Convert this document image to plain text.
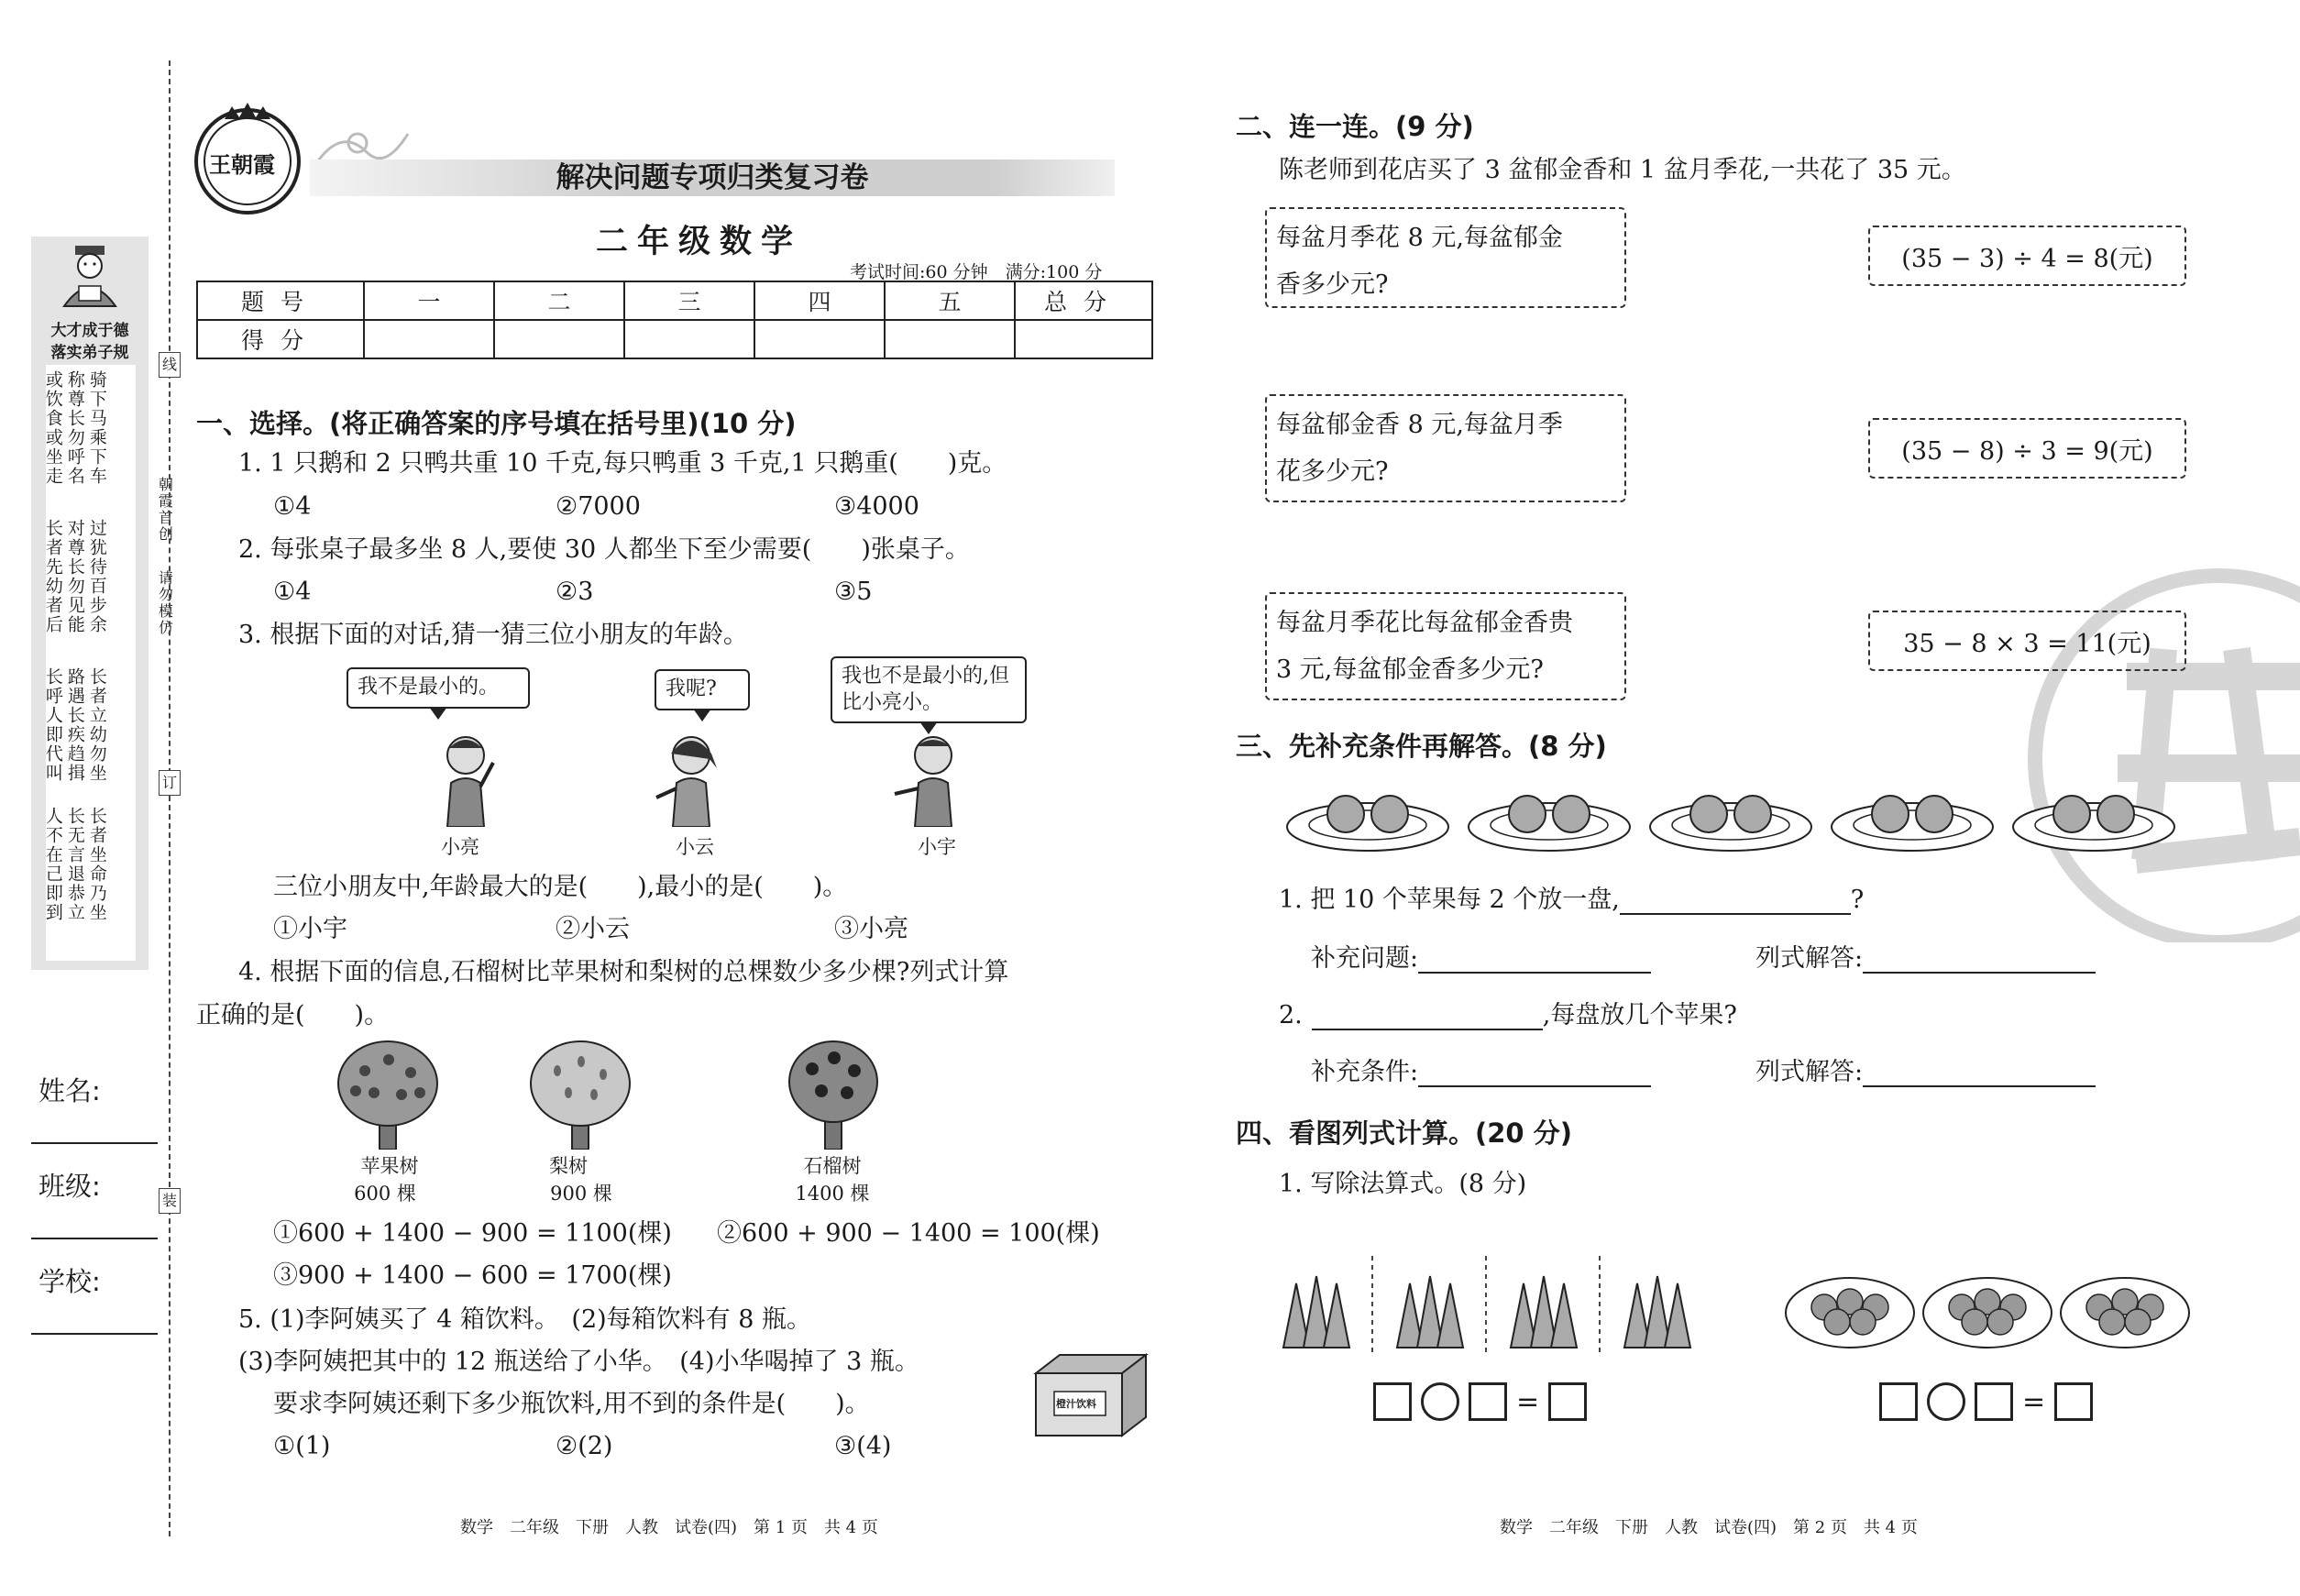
大才成于德
落实弟子规
骑下马乘下车
称尊长勿呼名
或饮食或坐走
过犹待百步余
对尊长勿见能
长者先幼者后
长者立幼勿坐
路遇长疾趋揖
长呼人即代叫
长者坐命乃坐
长无言退恭立
人不在己即到
朝霞首创
请勿模仿
线
订
装
姓名:
班级:
学校:
王朝霞	解决问题专项归类复习卷
二年级数学
考试时间:60 分钟　满分:100 分
题号	一	二	三	四	五	总分
得分						
一、选择。(将正确答案的序号填在括号里)(10 分)
1. 1 只鹅和 2 只鸭共重 10 千克,每只鸭重 3 千克,1 只鹅重(　　)克。
①4	②7000	③4000
2. 每张桌子最多坐 8 人,要使 30 人都坐下至少需要(　　)张桌子。
①4	②3	③5
3. 根据下面的对话,猜一猜三位小朋友的年龄。
我不是最小的。	我呢?
我也不是最小的,但比小亮小。
小亮	小云	小宇
三位小朋友中,年龄最大的是(　　),最小的是(　　)。
①小宇	②小云	③小亮
4. 根据下面的信息,石榴树比苹果树和梨树的总棵数少多少棵?列式计算
正确的是(　　)。
苹果树
600 棵
梨树
900 棵
石榴树
1400 棵
①600 + 1400 − 900 = 1100(棵) ②600 + 900 − 1400 = 100(棵)
③900 + 1400 − 600 = 1700(棵)
5. (1)李阿姨买了 4 箱饮料。　(2)每箱饮料有 8 瓶。
(3)李阿姨把其中的 12 瓶送给了小华。　(4)小华喝掉了 3 瓶。
要求李阿姨还剩下多少瓶饮料,用不到的条件是(　　)。
①(1)	②(2)	③(4)
橙汁饮料
数学　二年级　下册　人教　试卷(四)　第 1 页　共 4 页
二、连一连。(9 分)
陈老师到花店买了 3 盆郁金香和 1 盆月季花,一共花了 35 元。
每盆月季花 8 元,每盆郁金
香多少元?
每盆郁金香 8 元,每盆月季
花多少元?
每盆月季花比每盆郁金香贵
3 元,每盆郁金香多少元?
(35 − 3) ÷ 4 = 8(元)
(35 − 8) ÷ 3 = 9(元)
35 − 8 × 3 = 11(元)
三、先补充条件再解答。(8 分)
1. 把 10 个苹果每 2 个放一盘,	?
补充问题:	列式解答:
2.	,每盘放几个苹果?
补充条件:	列式解答:
四、看图列式计算。(20 分)
1. 写除法算式。(8 分)
=	=
数学　二年级　下册　人教　试卷(四)　第 2 页　共 4 页
